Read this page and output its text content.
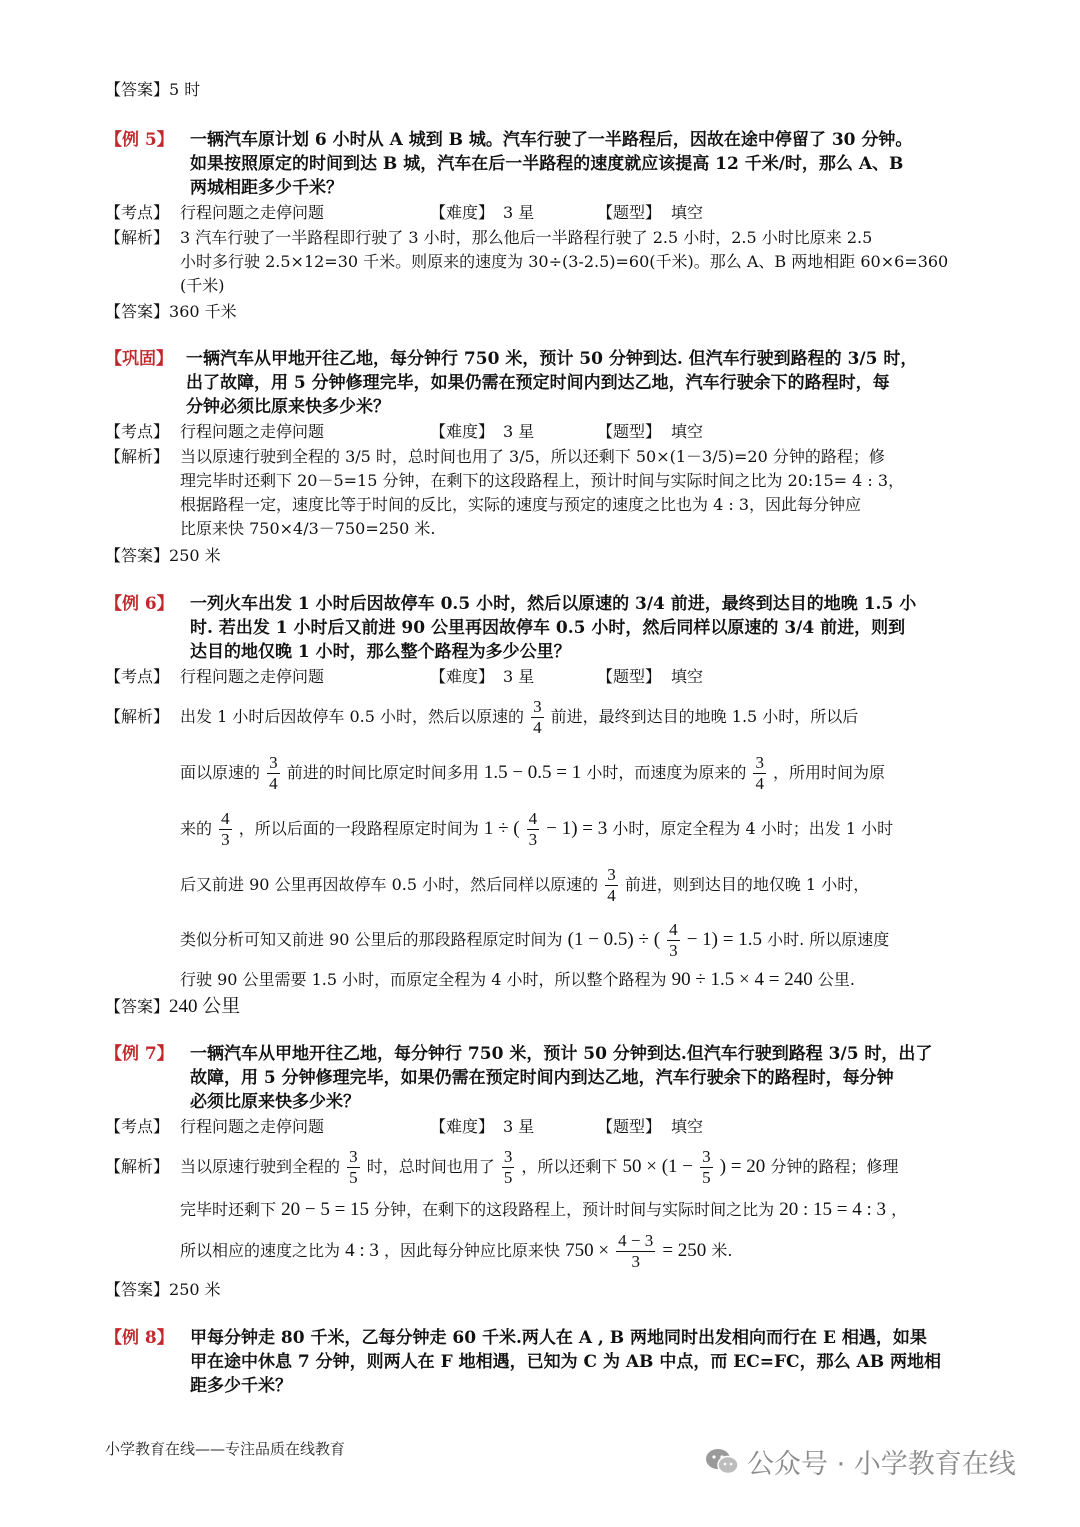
【答案】5 时
【例 5】 一辆汽车原计划 6 小时从 A 城到 B 城。汽车行驶了一半路程后，因故在途中停留了 30 分钟。
如果按照原定的时间到达 B 城，汽车在后一半路程的速度就应该提高 12 千米/时，那么 A、B
两城相距多少千米？
【考点】 行程问题之走停问题	【难度】 3 星	【题型】 填空
【解析】 3 汽车行驶了一半路程即行驶了 3 小时，那么他后一半路程行驶了 2.5 小时，2.5 小时比原来 2.5
小时多行驶 2.5×12=30 千米。则原来的速度为 30÷(3-2.5)=60(千米)。那么 A、B 两地相距 60×6=360
(千米)
【答案】360 千米
【巩固】 一辆汽车从甲地开往乙地，每分钟行 750 米，预计 50 分钟到达. 但汽车行驶到路程的 3/5 时，
出了故障，用 5 分钟修理完毕，如果仍需在预定时间内到达乙地，汽车行驶余下的路程时，每
分钟必须比原来快多少米？
【考点】 行程问题之走停问题	【难度】 3 星	【题型】 填空
【解析】 当以原速行驶到全程的 3/5 时，总时间也用了 3/5，所以还剩下 50×(1－3/5)=20 分钟的路程；修
理完毕时还剩下 20－5=15 分钟，在剩下的这段路程上，预计时间与实际时间之比为 20:15= 4 : 3，
根据路程一定，速度比等于时间的反比，实际的速度与预定的速度之比也为 4 : 3，因此每分钟应
比原来快 750×4/3－750=250 米.
【答案】250 米
【例 6】 一列火车出发 1 小时后因故停车 0.5 小时，然后以原速的 3/4 前进，最终到达目的地晚 1.5 小
时. 若出发 1 小时后又前进 90 公里再因故停车 0.5 小时，然后同样以原速的 3/4 前进，则到
达目的地仅晚 1 小时，那么整个路程为多少公里？
【考点】 行程问题之走停问题	【难度】 3 星	【题型】 填空
【解析】 出发 1 小时后因故停车 0.5 小时，然后以原速的 $\frac{3}{4}$ 前进，最终到达目的地晚 1.5 小时，所以后
面以原速的 $\frac{3}{4}$ 前进的时间比原定时间多用 1.5 − 0.5 = 1 小时，而速度为原来的 $\frac{3}{4}$ ，所用时间为原
来的 $\frac{4}{3}$ ，所以后面的一段路程原定时间为 1 ÷ ( $\frac{4}{3} - 1) = 3$ 小时，原定全程为 4 小时；出发 1 小时
后又前进 90 公里再因故停车 0.5 小时，然后同样以原速的 $\frac{3}{4}$ 前进，则到达目的地仅晚 1 小时，
类似分析可知又前进 90 公里后的那段路程原定时间为 (1 − 0.5) ÷ ( $\frac{4}{3} - 1) = 1.5$ 小时. 所以原速度
行驶 90 公里需要 1.5 小时，而原定全程为 4 小时，所以整个路程为 90 ÷ 1.5 × 4 = 240 公里.
【答案】240 公里
【例 7】 一辆汽车从甲地开往乙地，每分钟行 750 米，预计 50 分钟到达.但汽车行驶到路程 3/5 时，出了
故障，用 5 分钟修理完毕，如果仍需在预定时间内到达乙地，汽车行驶余下的路程时，每分钟
必须比原来快多少米？
【考点】 行程问题之走停问题	【难度】 3 星	【题型】 填空
【解析】 当以原速行驶到全程的 $\frac{3}{5}$ 时，总时间也用了 $\frac{3}{5}$ ，所以还剩下 $50 \times (1 - \frac{3}{5}$ ) = 20 分钟的路程；修理
完毕时还剩下 20 − 5 = 15 分钟，在剩下的这段路程上，预计时间与实际时间之比为 20 : 15 = 4 : 3 ，
所以相应的速度之比为 4 : 3 ，因此每分钟应比原来快 $750 \times \frac{4 - 3}{3} = 250$ 米.
【答案】250 米
【例 8】 甲每分钟走 80 千米，乙每分钟走 60 千米.两人在 A , B 两地同时出发相向而行在 E 相遇，如果
甲在途中休息 7 分钟，则两人在 F 地相遇，已知为 C 为 AB 中点，而 EC=FC，那么 AB 两地相
距多少千米？
小学教育在线——专注品质在线教育	公众号 · 小学教育在线
